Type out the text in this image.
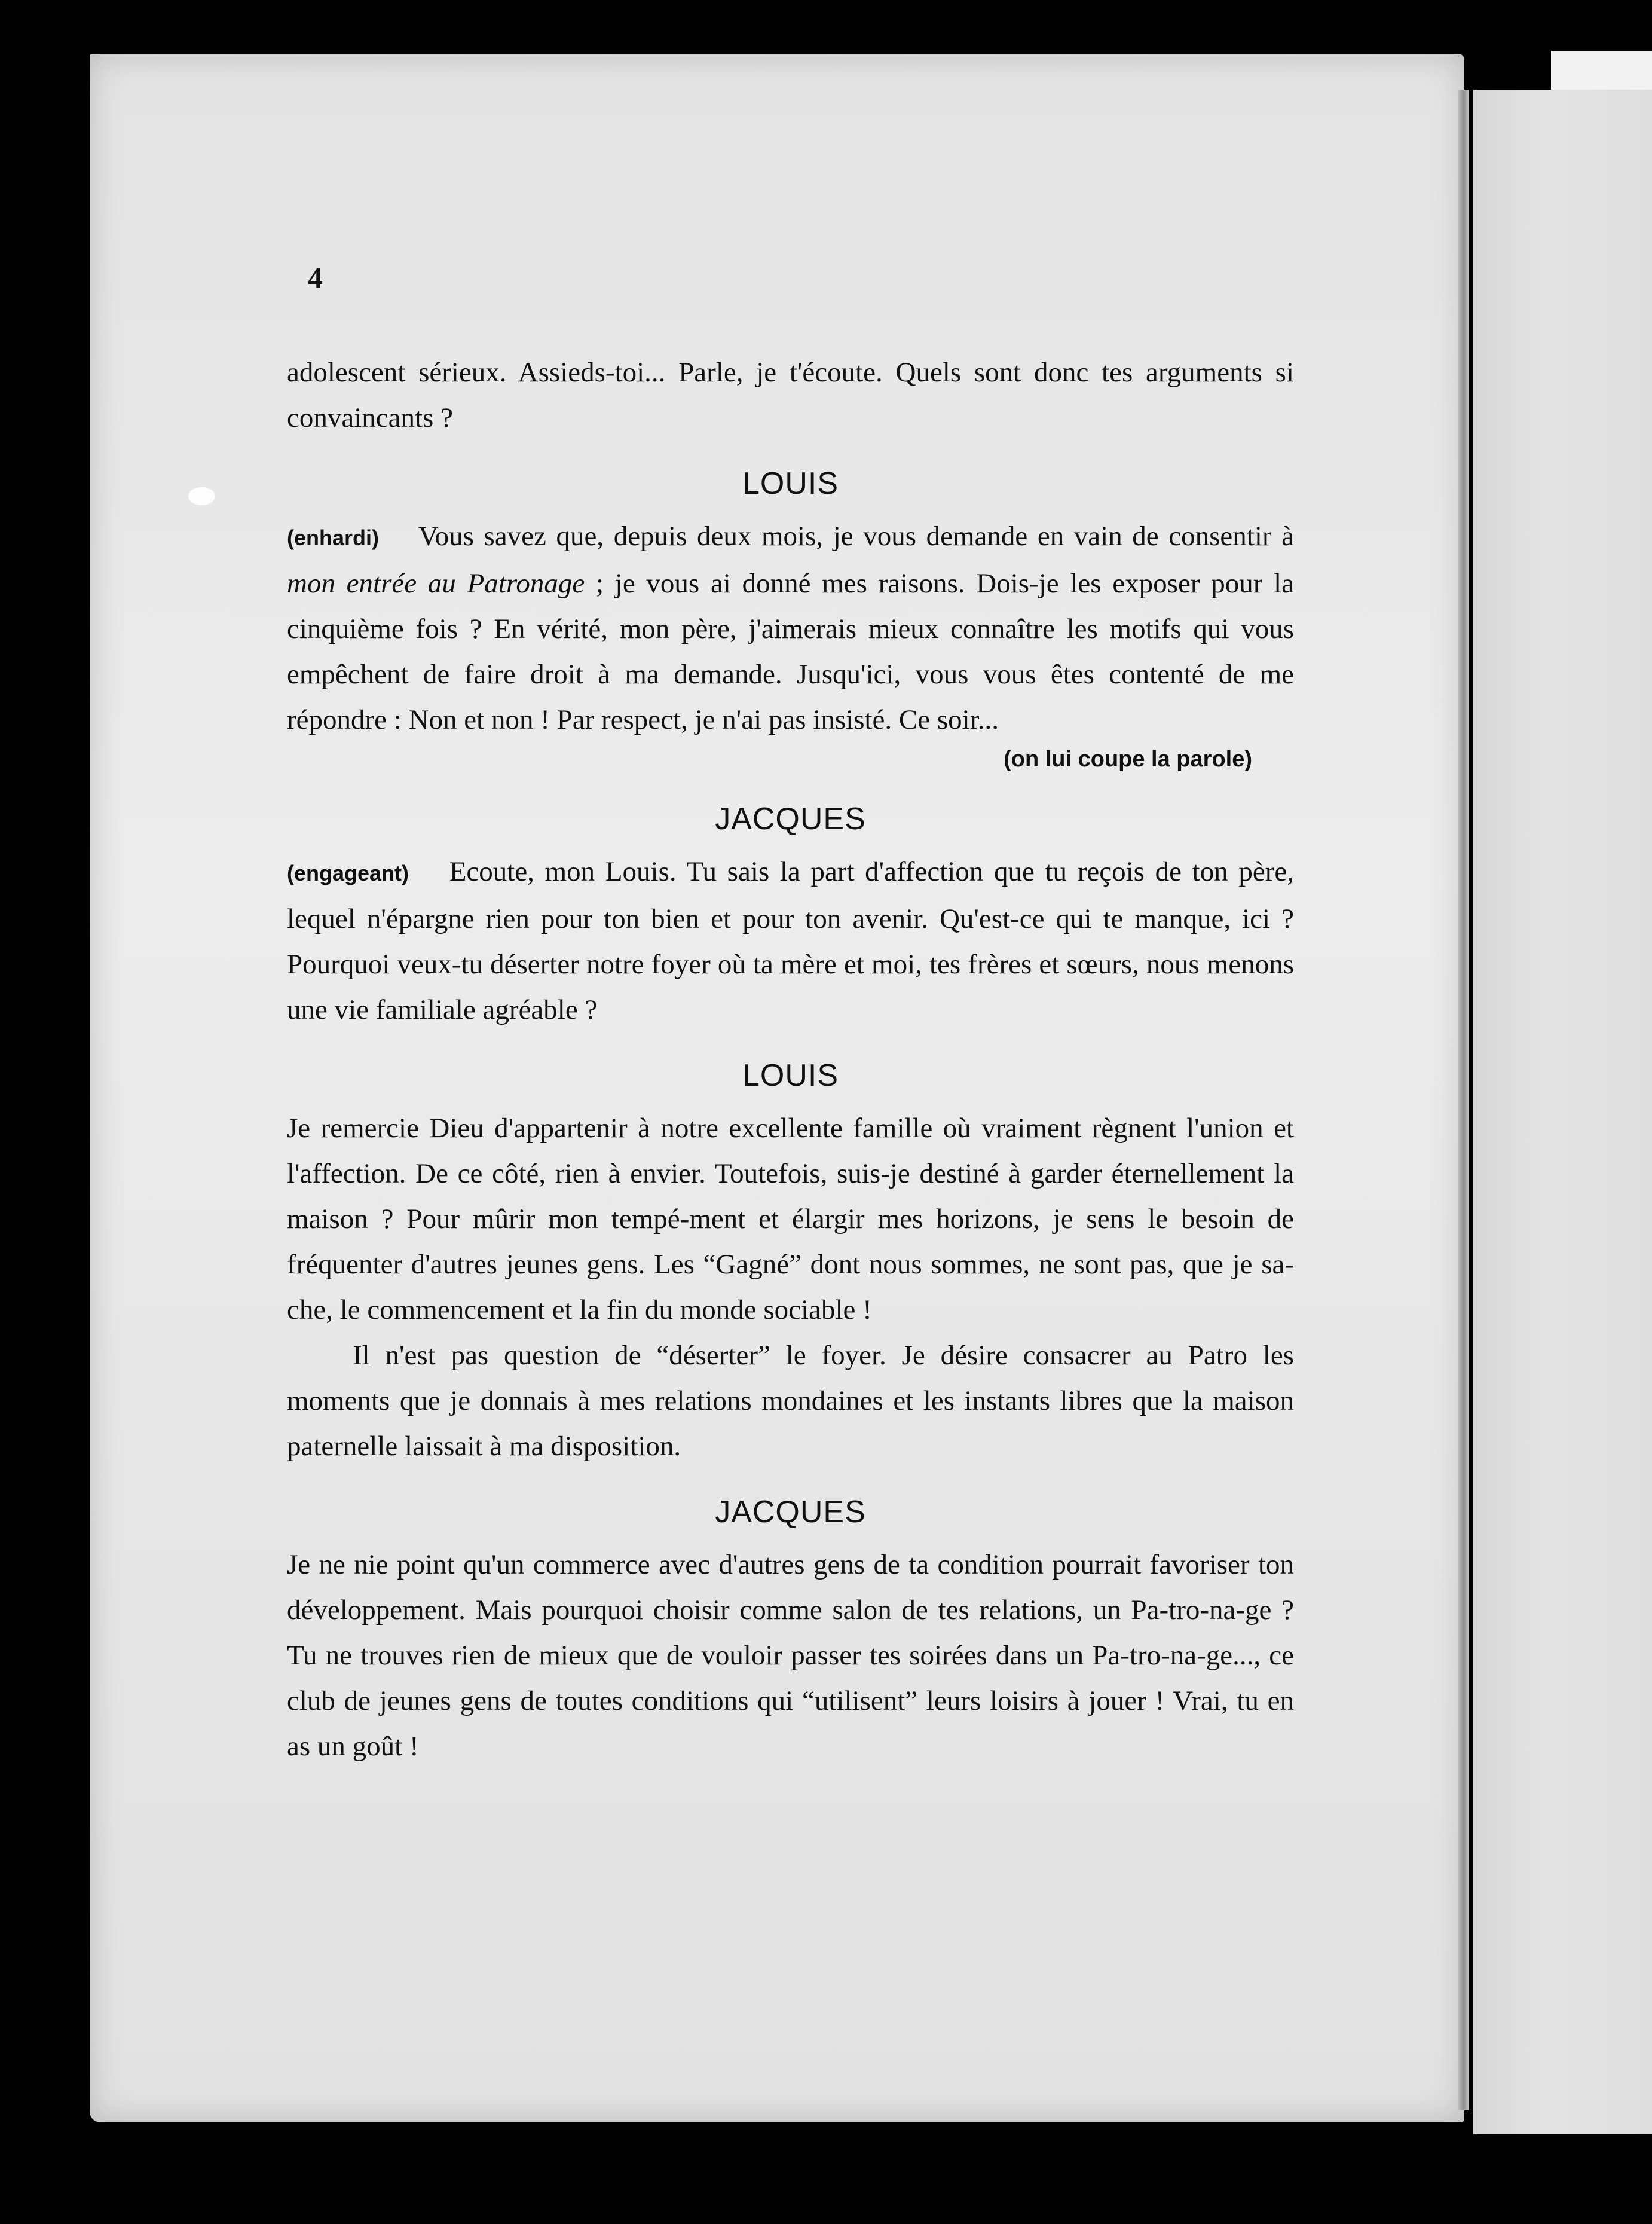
4

adolescent sérieux. Assieds-toi... Parle, je t'écoute. Quels sont donc tes arguments si convaincants ?

LOUIS

(enhardi) Vous savez que, depuis deux mois, je vous demande en vain de consentir à mon entrée au Patronage ; je vous ai donné mes raisons. Dois-je les exposer pour la cinquième fois ? En vérité, mon père, j'aimerais mieux connaître les motifs qui vous empêchent de faire droit à ma demande. Jusqu'ici, vous vous êtes contenté de me répondre : Non et non ! Par respect, je n'ai pas insisté. Ce soir...

(on lui coupe la parole)

JACQUES

(engageant) Ecoute, mon Louis. Tu sais la part d'affection que tu reçois de ton père, lequel n'épargne rien pour ton bien et pour ton avenir. Qu'est-ce qui te manque, ici ? Pourquoi veux-tu déserter notre foyer où ta mère et moi, tes frères et sœurs, nous menons une vie familiale agréable ?

LOUIS

Je remercie Dieu d'appartenir à notre excellente famille où vraiment règnent l'union et l'affection. De ce côté, rien à envier. Toutefois, suis-je destiné à garder éternellement la maison ? Pour mûrir mon tempé-ment et élargir mes horizons, je sens le besoin de fréquenter d'autres jeunes gens. Les “Gagné” dont nous sommes, ne sont pas, que je sa-che, le commencement et la fin du monde sociable !

Il n'est pas question de “déserter” le foyer. Je désire consacrer au Patro les moments que je donnais à mes relations mondaines et les instants libres que la maison paternelle laissait à ma disposition.

JACQUES

Je ne nie point qu'un commerce avec d'autres gens de ta condition pourrait favoriser ton développement. Mais pourquoi choisir comme salon de tes relations, un Pa-tro-na-ge ? Tu ne trouves rien de mieux que de vouloir passer tes soirées dans un Pa-tro-na-ge..., ce club de jeunes gens de toutes conditions qui “utilisent” leurs loisirs à jouer ! Vrai, tu en as un goût !
